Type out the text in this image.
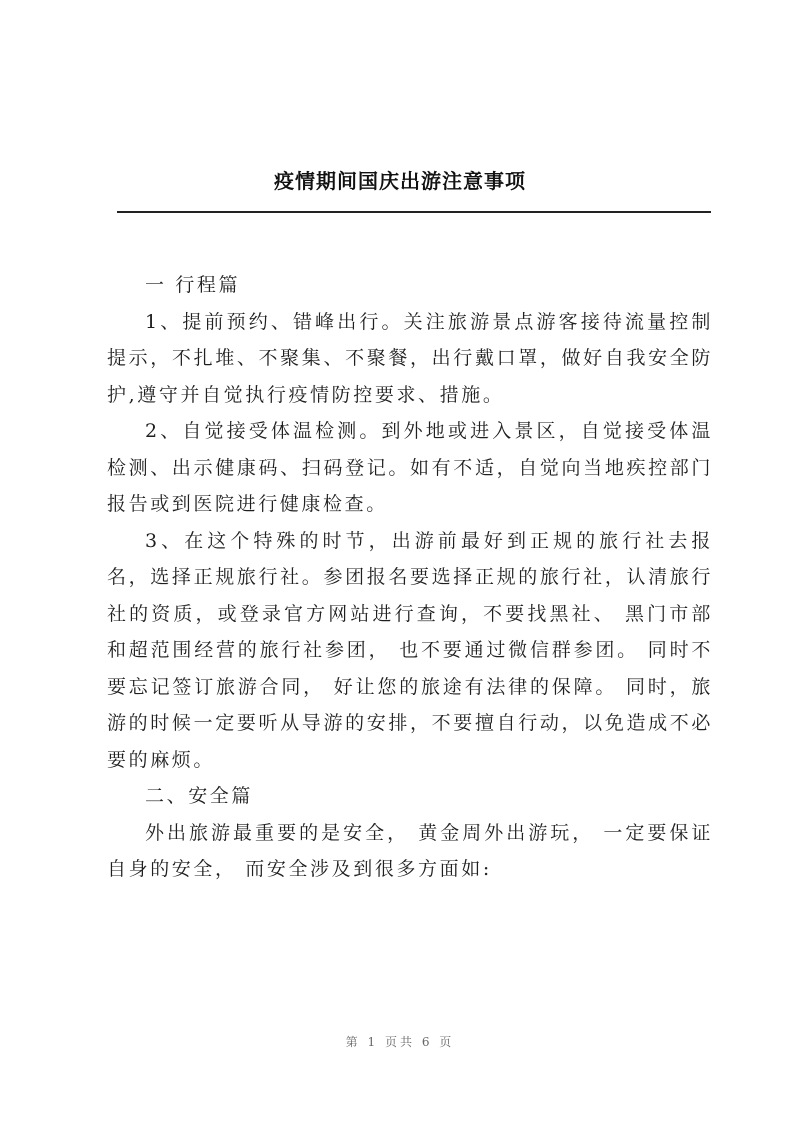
疫情期间国庆出游注意事项

一 行程篇

1、提前预约、错峰出行。关注旅游景点游客接待流量控制提示，不扎堆、不聚集、不聚餐，出行戴口罩，做好自我安全防护,遵守并自觉执行疫情防控要求、措施。

2、自觉接受体温检测。到外地或进入景区，自觉接受体温检测、出示健康码、扫码登记。如有不适，自觉向当地疾控部门报告或到医院进行健康检查。

3、在这个特殊的时节，出游前最好到正规的旅行社去报名，选择正规旅行社。参团报名要选择正规的旅行社，认清旅行社的资质，或登录官方网站进行查询，不要找黑社、 黑门市部和超范围经营的旅行社参团， 也不要通过微信群参团。 同时不要忘记签订旅游合同， 好让您的旅途有法律的保障。 同时，旅游的时候一定要听从导游的安排，不要擅自行动，以免造成不必要的麻烦。

二、安全篇

外出旅游最重要的是安全， 黄金周外出游玩， 一定要保证自身的安全， 而安全涉及到很多方面如:

第 1 页共 6 页
